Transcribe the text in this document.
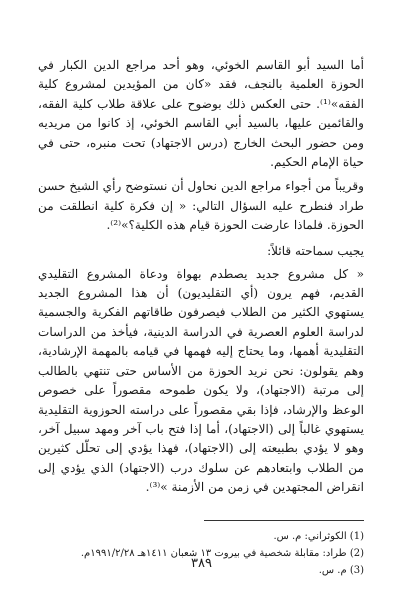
أما السيد أبو القاسم الخوئي، وهو أحد مراجع الدين الكبار في الحوزة العلمية بالنجف، فقد «كان من المؤيدين لمشروع كلية الفقه»⁽¹⁾. حتى العكس ذلك بوضوح على علاقة طلاب كلية الفقه، والقائمين عليها، بالسيد أبي القاسم الخوئي، إذ كانوا من مريديه ومن حضور البحث الخارج (درس الاجتهاد) تحت منبره، حتى في حياة الإمام الحكيم.

وقريباً من أجواء مراجع الدين نحاول أن نستوضح رأي الشيخ حسن طراد فنطرح عليه السؤال التالي: « إن فكرة كلية انطلقت من الحوزة. فلماذا عارضت الحوزة قيام هذه الكلية؟»⁽²⁾.

يجيب سماحته قائلاً:

« كل مشروع جديد يصطدم بهواة ودعاة المشروع التقليدي القديم، فهم يرون (أي التقليديون) أن هذا المشروع الجديد يستهوي الكثير من الطلاب فيصرفون طاقاتهم الفكرية والجسمية لدراسة العلوم العصرية في الدراسة الدينية، فيأخذ من الدراسات التقليدية أهمها، وما يحتاج إليه فهمها في قيامه بالمهمة الإرشادية، وهم يقولون: نحن نريد الحوزة من الأساس حتى تنتهي بالطالب إلى مرتبة (الاجتهاد)، ولا يكون طموحه مقصوراً على خصوص الوعظ والإرشاد، فإذا بقي مقصوراً على دراسته الحوزوية التقليدية يستهوي غالباً إلى (الاجتهاد)، أما إذا فتح باب آخر ومهد سبيل آخر، وهو لا يؤدي بطبيعته إلى (الاجتهاد)، فهذا يؤدي إلى تحلّل كثيرين من الطلاب وابتعادهم عن سلوك درب (الاجتهاد) الذي يؤدي إلى انقراض المجتهدين في زمن من الأزمنة »⁽³⁾.

(1) الكوثراني: م. س.

(2) طراد: مقابلة شخصية في بيروت ١٣ شعبان ١٤١١هـ ١٩٩١/٢/٢٨م.

(3) م. س.

٣٨٩
